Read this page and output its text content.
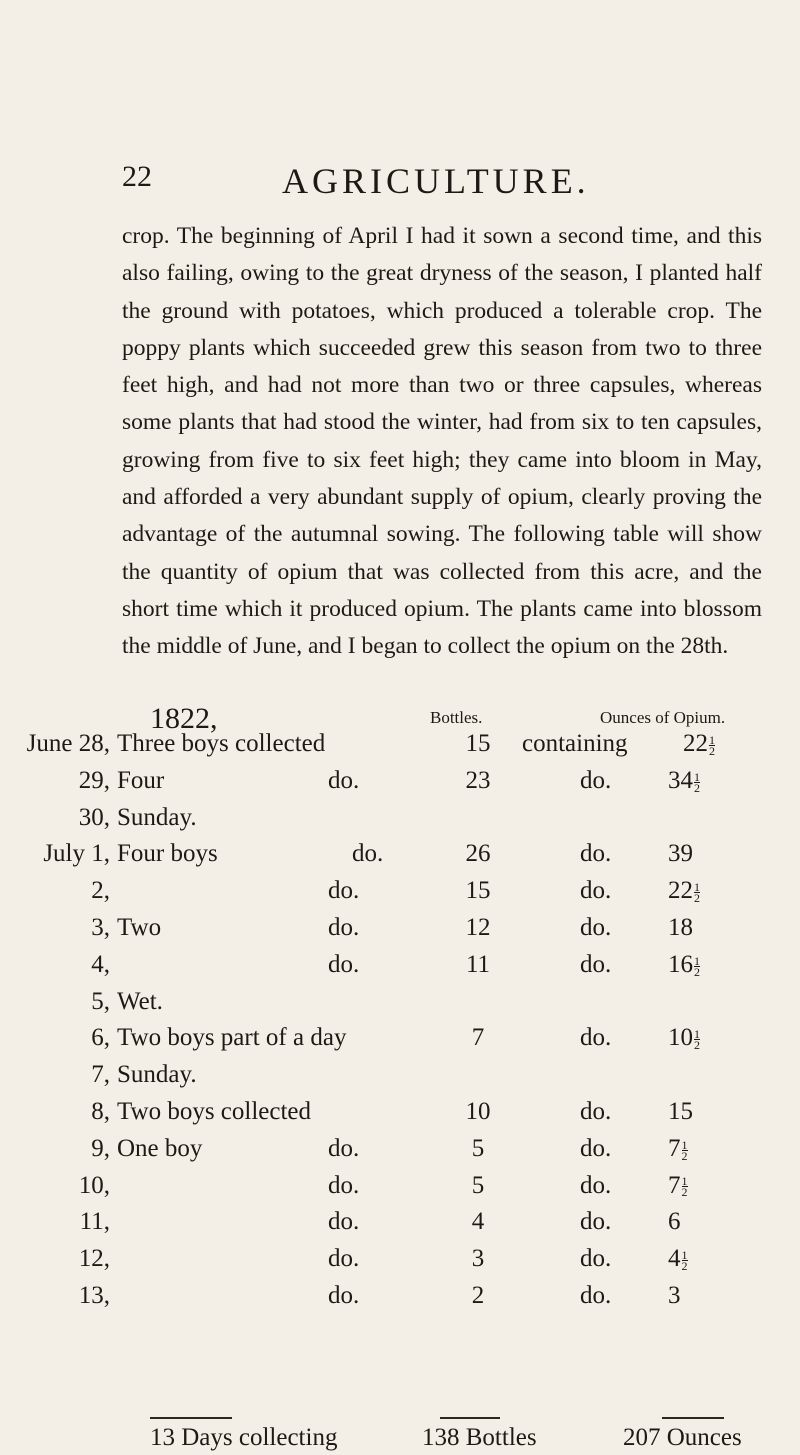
22	AGRICULTURE.

crop. The beginning of April I had it sown a second time, and this also failing, owing to the great dryness of the season, I planted half the ground with potatoes, which produced a tolerable crop. The poppy plants which succeeded grew this season from two to three feet high, and had not more than two or three capsules, whereas some plants that had stood the winter, had from six to ten capsules, growing from five to six feet high; they came into bloom in May, and afforded a very abundant supply of opium, clearly proving the advantage of the autumnal sowing. The following table will show the quantity of opium that was collected from this acre, and the short time which it produced opium. The plants came into blossom the middle of June, and I began to collect the opium on the 28th.

1822,	Bottles.	Ounces of Opium.
June 28, Three boys collected	15	containing $22 \frac{1}{2}$
29, Four	do.	23	do. $34 \frac{1}{2}$
30, Sunday.
July 1, Four boys	do.	26	do. 39
2,	do.	15	do. $22 \frac{1}{2}$
3, Two	do.	12	do. 18
4,	do.	11	do. $16 \frac{1}{2}$
5, Wet.
6, Two boys part of a day	7	do. $10 \frac{1}{2}$
7, Sunday.
8, Two boys collected	10	do. 15
9, One boy	do.	5	do. $7 \frac{1}{2}$
10,	do.	5	do. $7 \frac{1}{2}$
11,	do.	4	do. 6
12,	do.	3	do. $4 \frac{1}{2}$
13,	do.	2	do. 3
13 Days collecting	138 Bottles	207 Ounces
